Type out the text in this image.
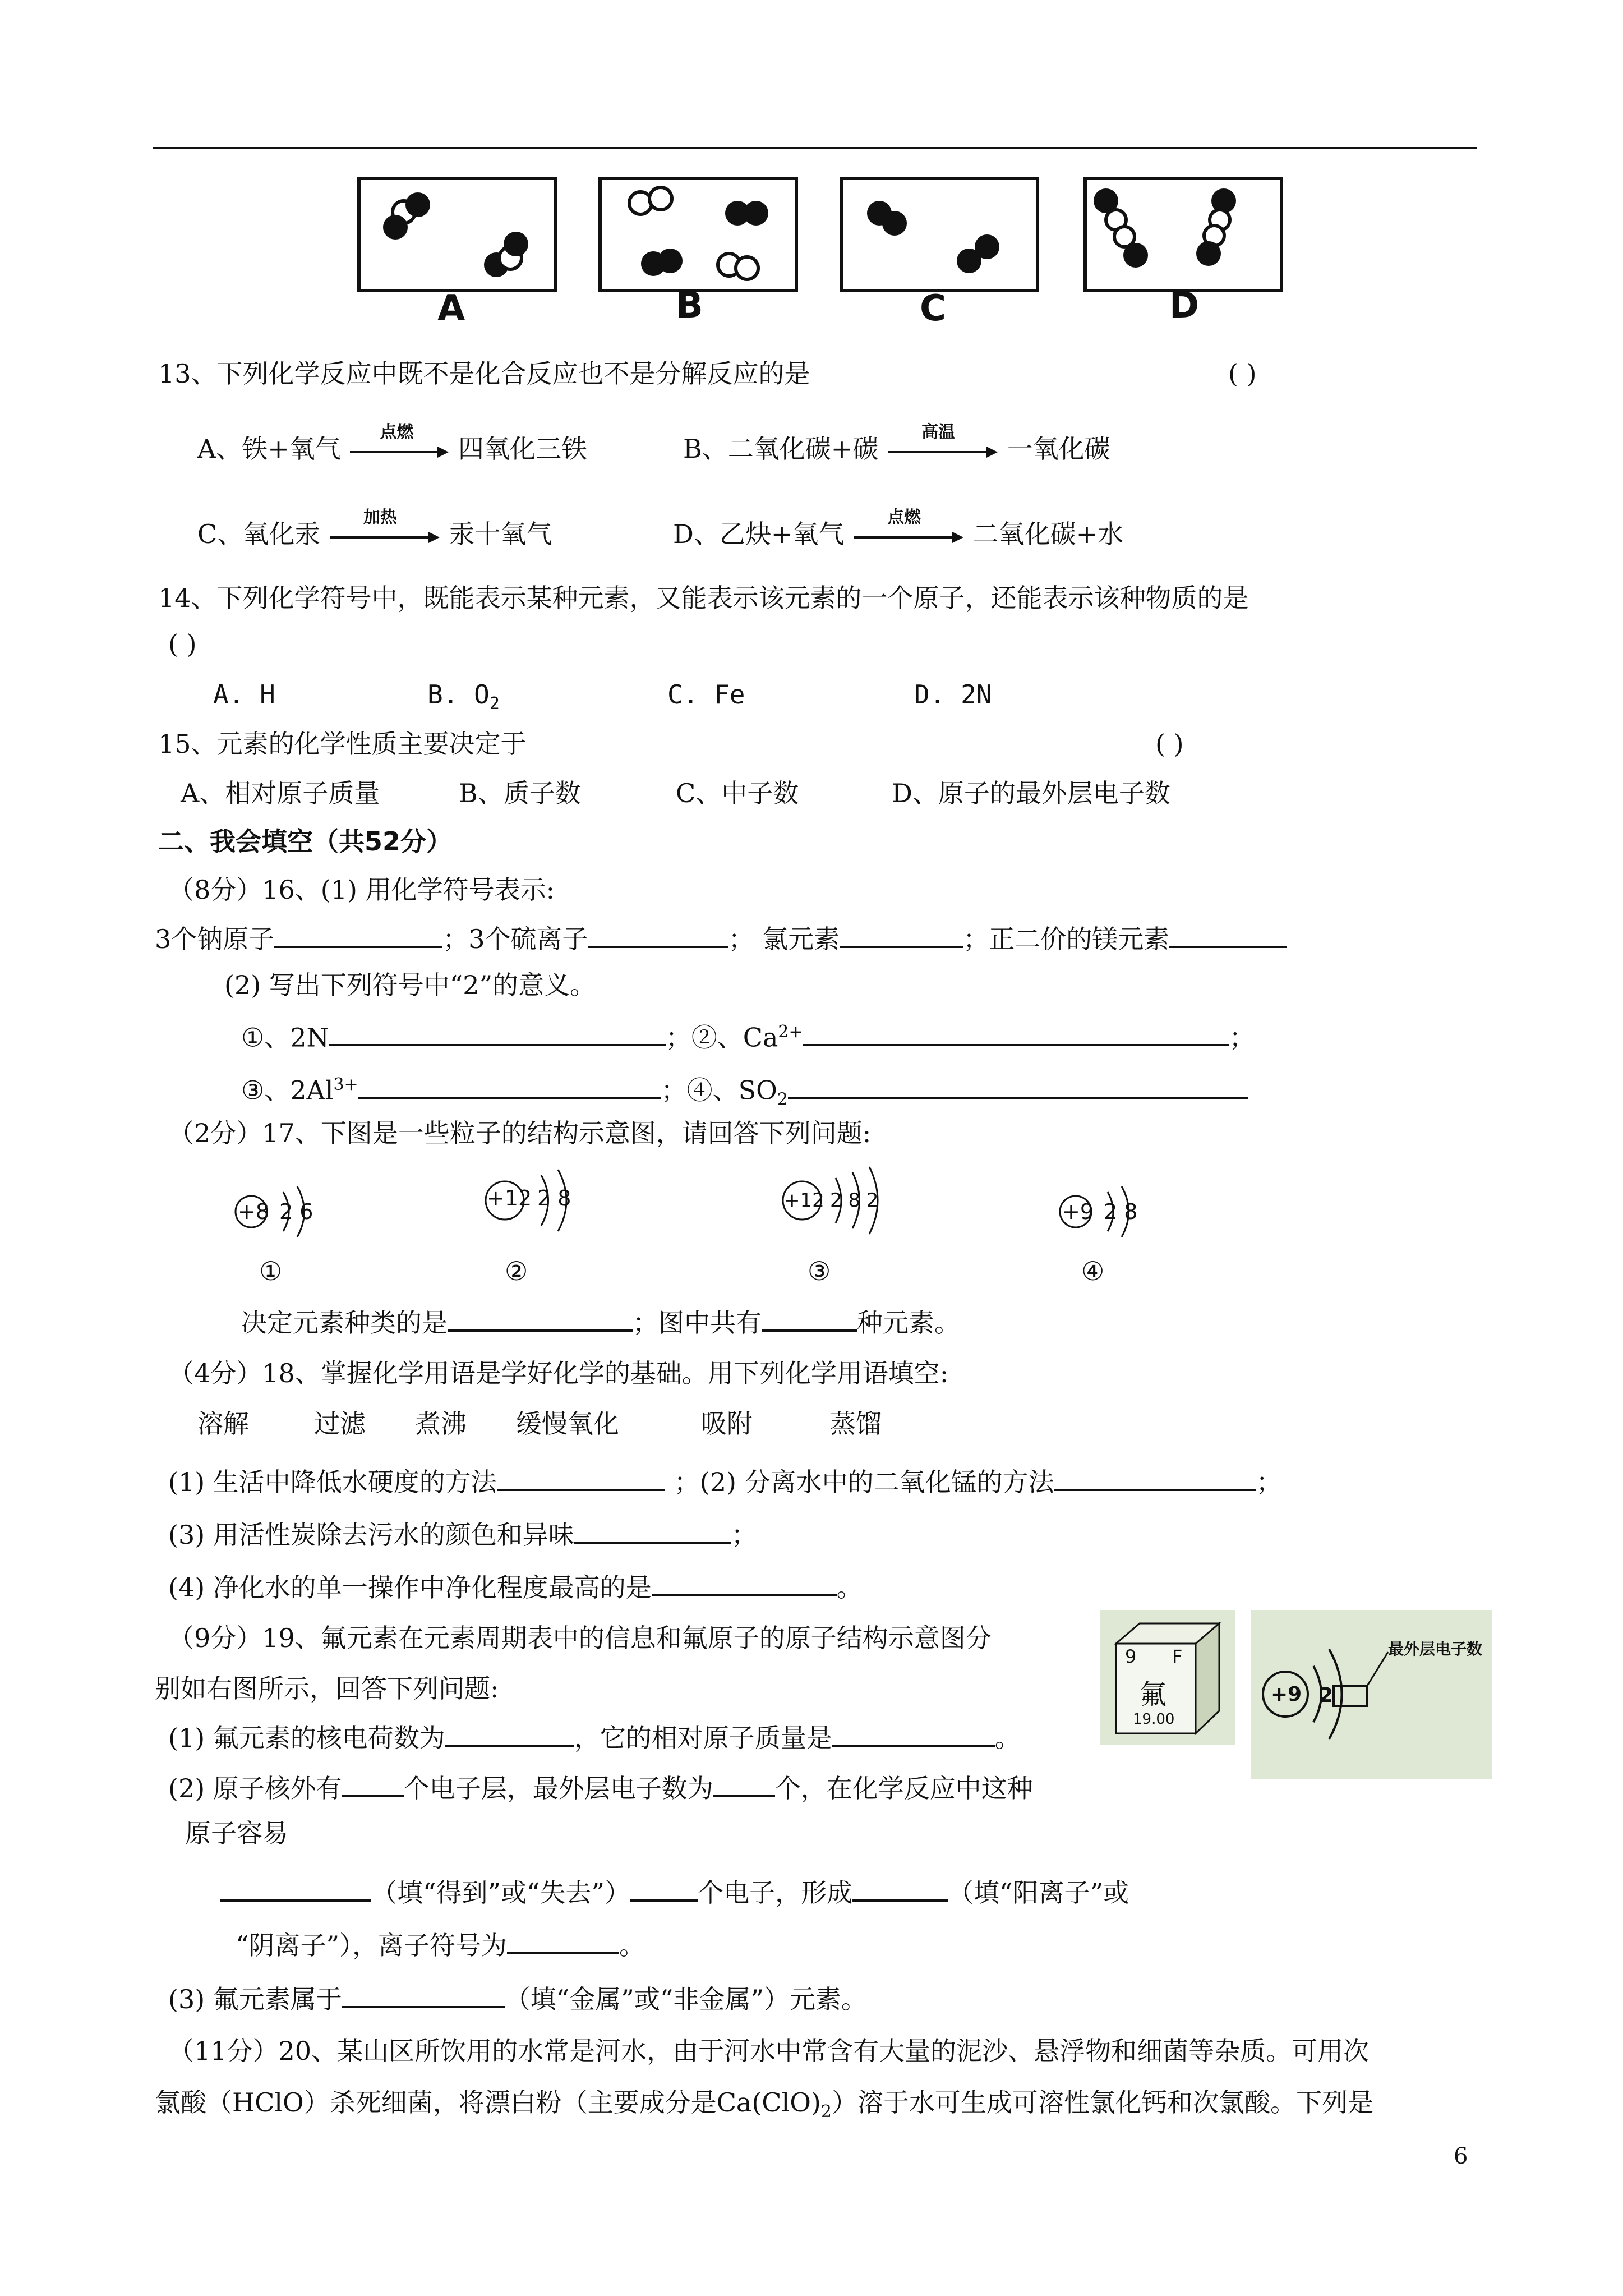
A	B	C	D
13、下列化学反应中既不是化合反应也不是分解反应的是	( )
A、铁+氧气
点燃
四氧化三铁	B、二氧化碳+碳
高温
一氧化碳
C、氧化汞
加热
汞十氧气	D、乙炔+氧气
点燃
二氧化碳+水
14、下列化学符号中，既能表示某种元素，又能表示该元素的一个原子，还能表示该种物质的是
( )
A. H	B. $O_2$	C. Fe	D. 2N
15、元素的化学性质主要决定于	( )
A、相对原子质量	B、质子数	C、中子数	D、原子的最外层电子数
二、我会填空（共52分）
（8分）16、(1) 用化学符号表示:
3个钠原子	；3个硫离子	； 氯元素	；正二价的镁元素
(2) 写出下列符号中“2”的意义。
①、2N	；②、$Ca^{2+}$	；
③、$2Al^{3+}$	；④、$SO_2$
（2分）17、下图是一些粒子的结构示意图，请回答下列问题:
+8 2 6
+12 2 8	+12 2 8 2	+9 2 8
①	②	③	④
决定元素种类的是	；图中共有	种元素。
（4分）18、掌握化学用语是学好化学的基础。用下列化学用语填空:
溶解	过滤 煮沸 缓慢氧化	吸附	蒸馏
(1) 生活中降低水硬度的方法	；(2) 分离水中的二氧化锰的方法	；
(3) 用活性炭除去污水的颜色和异味	；
(4) 净化水的单一操作中净化程度最高的是	。
（9分）19、氟元素在元素周期表中的信息和氟原子的原子结构示意图分
别如右图所示，回答下列问题:
9 F
氟
19.00
+9 2
最外层电子数
(1) 氟元素的核电荷数为	，它的相对原子质量是	。
(2) 原子核外有 个电子层，最外层电子数为 个，在化学反应中这种
原子容易
（填“得到”或“失去”）	个电子，形成	（填“阳离子”或
“阴离子”），离子符号为	。
(3) 氟元素属于	（填“金属”或“非金属”）元素。
（11分）20、某山区所饮用的水常是河水，由于河水中常含有大量的泥沙、悬浮物和细菌等杂质。可用次
氯酸（HClO）杀死细菌，将漂白粉（主要成分是$Ca(ClO)_2$）溶于水可生成可溶性氯化钙和次氯酸。下列是
6
